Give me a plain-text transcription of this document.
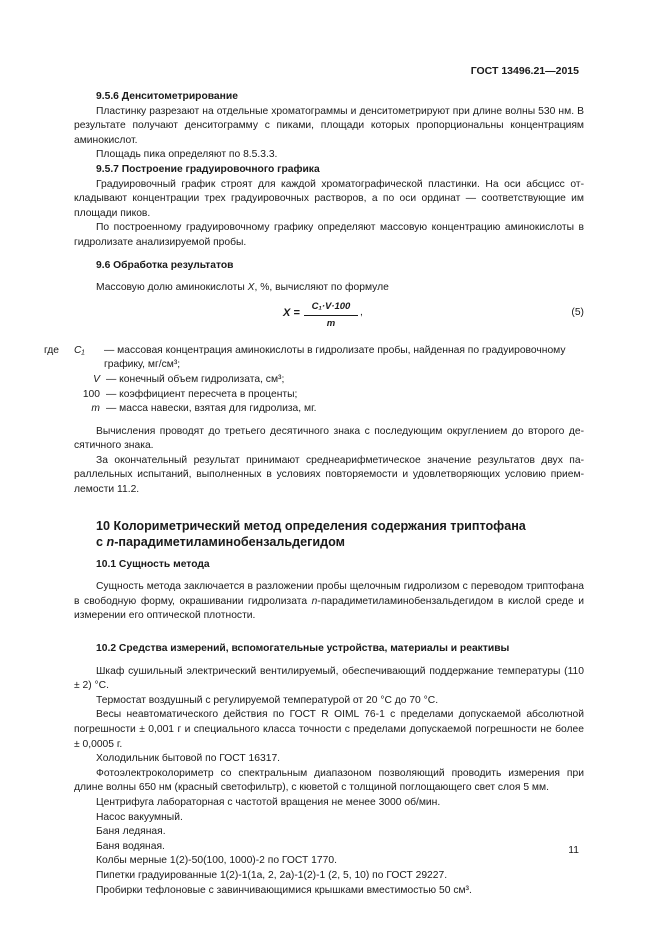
ГОСТ 13496.21—2015

9.5.6 Денситометрирование

Пластинку разрезают на отдельные хроматограммы и денситометрируют при длине волны 530 нм. В результате получают денситограмму с пиками, площади которых пропорциональны концентрациям аминокислот.

Площадь пика определяют по 8.5.3.3.

9.5.7 Построение градуировочного графика

Градуировочный график строят для каждой хроматографической пластинки. На оси абсцисс откладывают концентрации трех градуировочных растворов, а по оси ординат — соответствующие им площади пиков.

По построенному градуировочному графику определяют массовую концентрацию аминокислоты в гидролизате анализируемой пробы.

9.6 Обработка результатов

Массовую долю аминокислоты X, %, вычисляют по формуле

$X = \frac{\text{C₁·V·100}}{m}$ ,	(5)
где	C₁	— массовая концентрация аминокислоты в гидролизате пробы, найденная по градуировочному графику, мг/см³;
V — конечный объем гидролизата, см³;
100 — коэффициент пересчета в проценты;
m — масса навески, взятая для гидролиза, мг.

Вычисления проводят до третьего десятичного знака с последующим округлением до второго десятичного знака.

За окончательный результат принимают среднеарифметическое значение результатов двух параллельных испытаний, выполненных в условиях повторяемости и удовлетворяющих условию приемлемости 11.2.

10 Колориметрический метод определения содержания триптофана
с n-парадиметиламинобензальдегидом

10.1 Сущность метода

Сущность метода заключается в разложении пробы щелочным гидролизом с переводом триптофана в свободную форму, окрашивании гидролизата n-парадиметиламинобензальдегидом в кислой среде и измерении его оптической плотности.

10.2 Средства измерений, вспомогательные устройства, материалы и реактивы

Шкаф сушильный электрический вентилируемый, обеспечивающий поддержание температуры (110 ± 2) °С.

Термостат воздушный с регулируемой температурой от 20 °С до 70 °С.

Весы неавтоматического действия по ГОСТ R OIML 76-1 с пределами допускаемой абсолютной погрешности ± 0,001 г и специального класса точности с пределами допускаемой погрешности не более ± 0,0005 г.

Холодильник бытовой по ГОСТ 16317.

Фотоэлектроколориметр со спектральным диапазоном позволяющий проводить измерения при длине волны 650 нм (красный светофильтр), с кюветой с толщиной поглощающего свет слоя 5 мм.

Центрифуга лабораторная с частотой вращения не менее 3000 об/мин.

Насос вакуумный.

Баня ледяная.

Баня водяная.

Колбы мерные 1(2)-50(100, 1000)-2 по ГОСТ 1770.

Пипетки градуированные 1(2)-1(1а, 2, 2а)-1(2)-1 (2, 5, 10) по ГОСТ 29227.

Пробирки тефлоновые с завинчивающимися крышками вместимостью 50 см³.

11
